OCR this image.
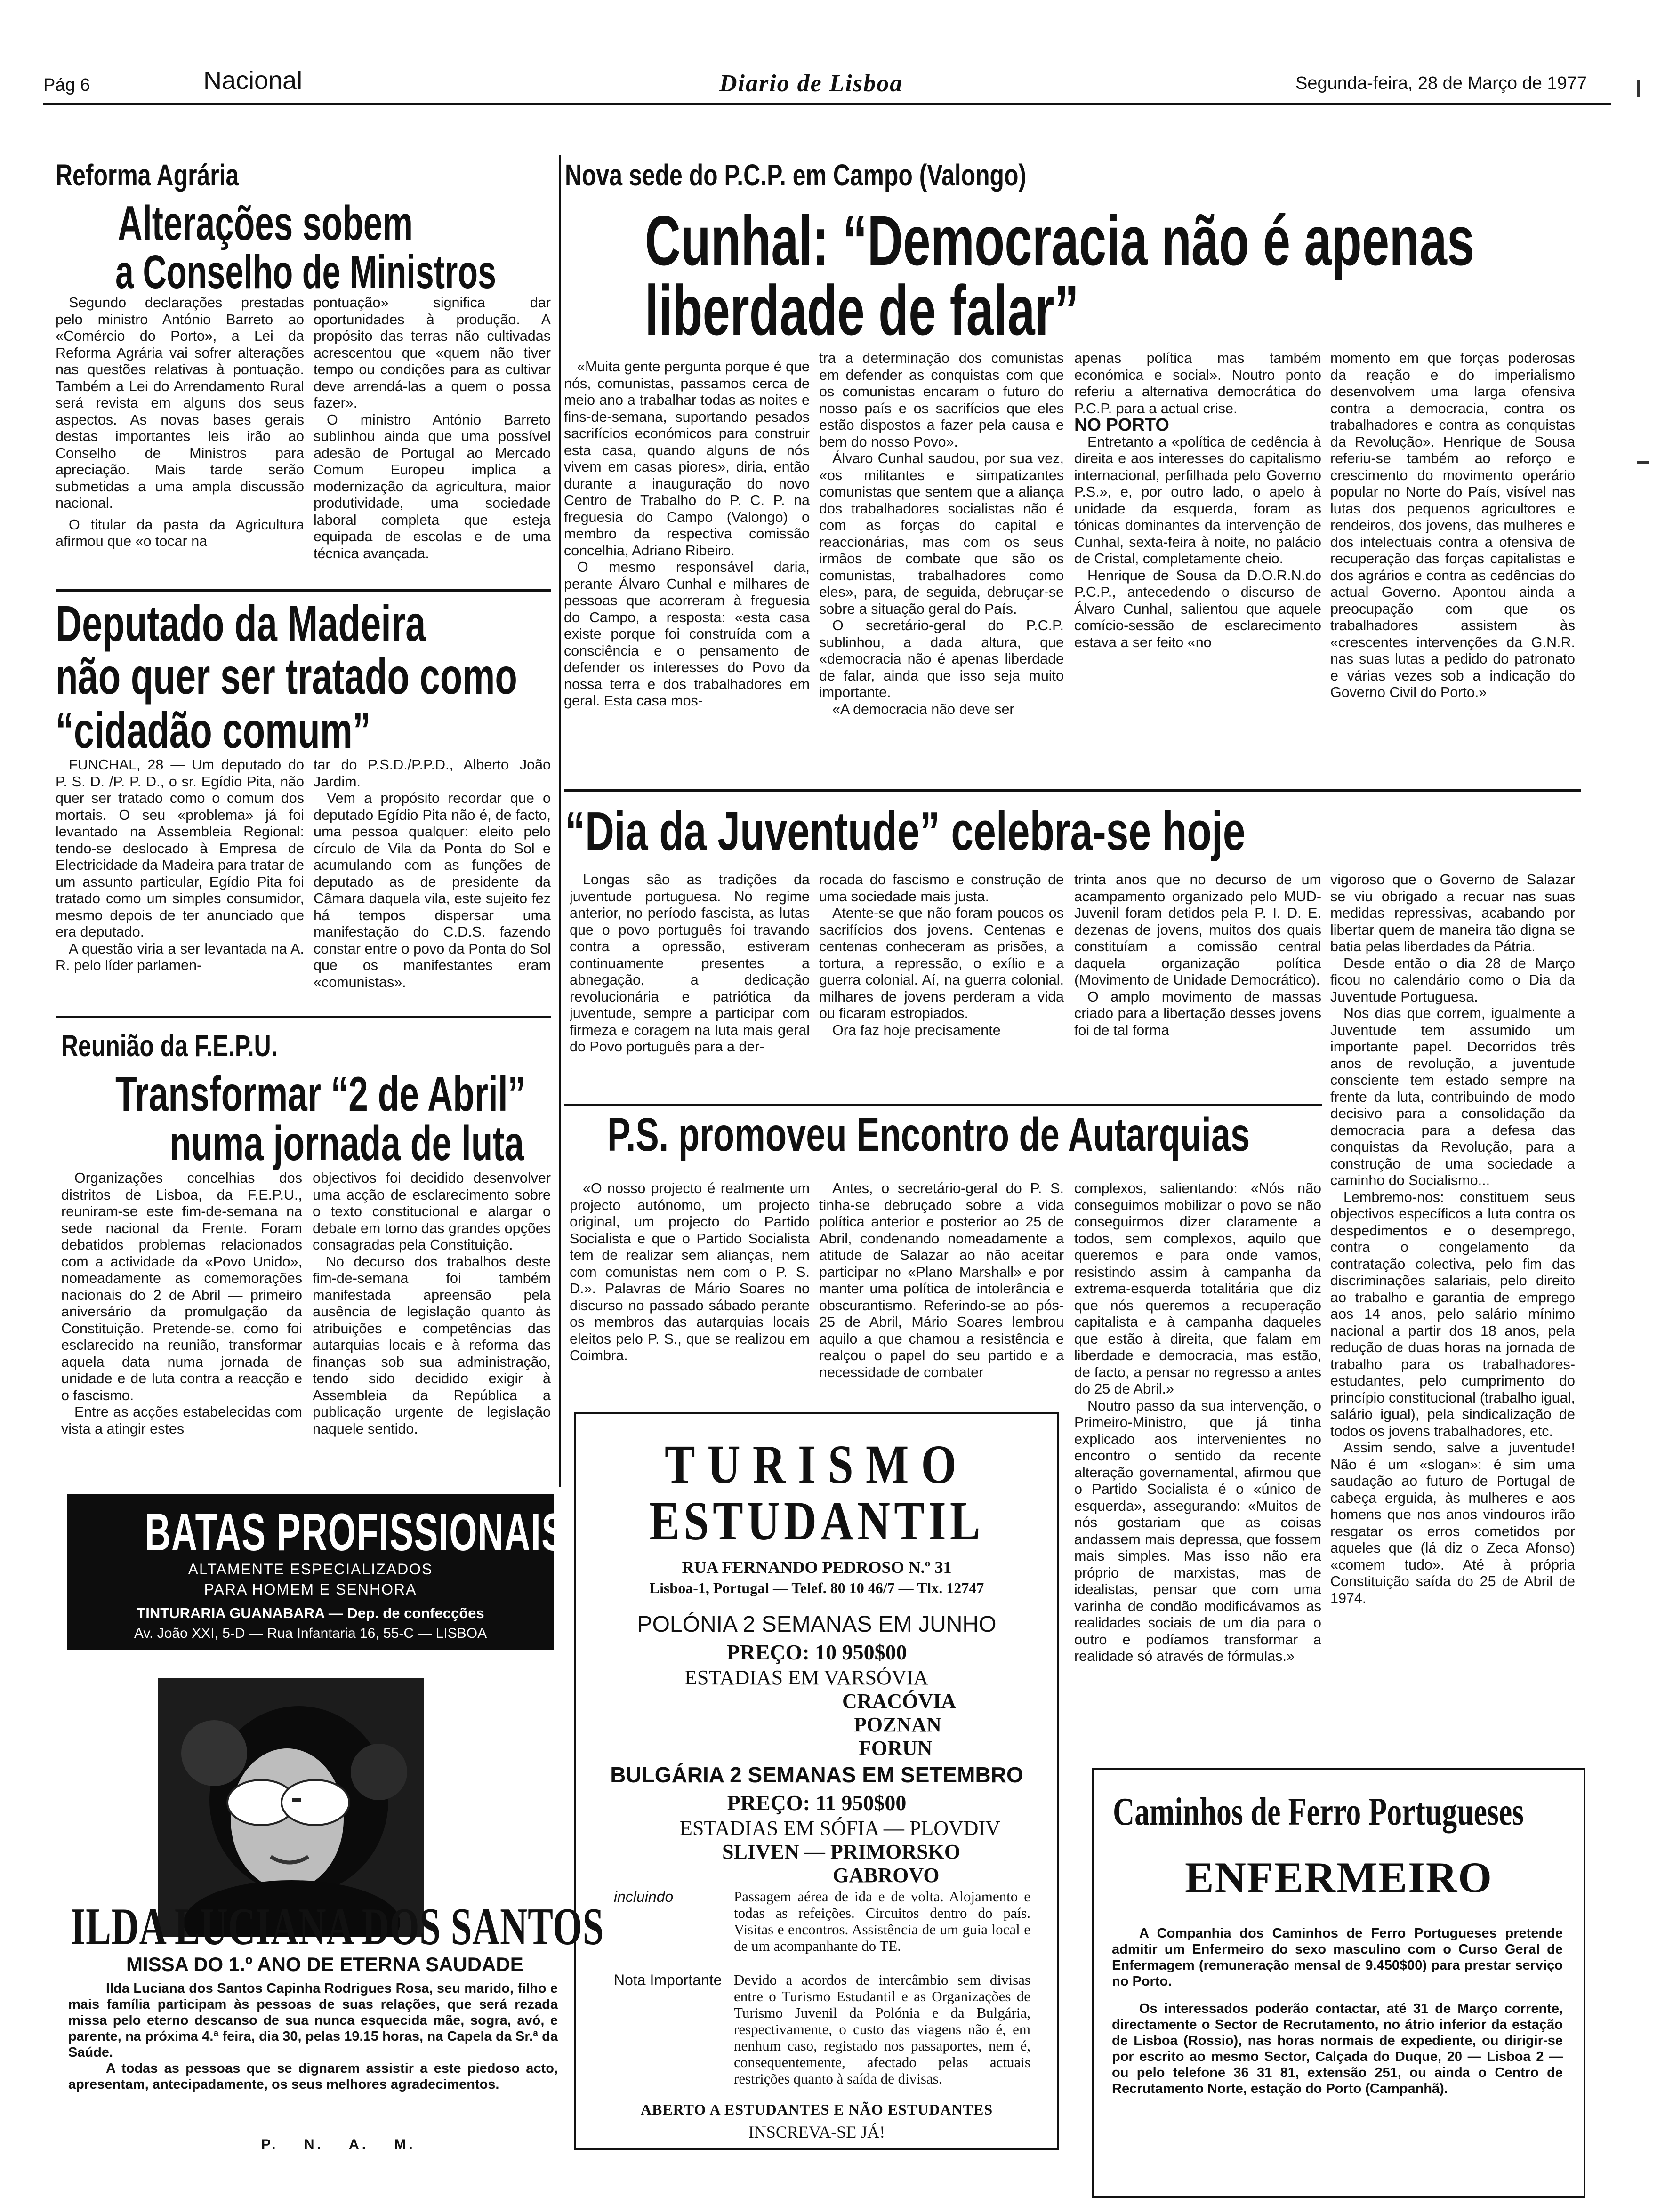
Pág 6	Nacional	Diario de Lisboa	Segunda-feira, 28 de Março de 1977
Reforma Agrária
Alterações sobem
a Conselho de Ministros

Segundo declarações prestadas pelo ministro António Barreto ao «Comércio do Porto», a Lei da Reforma Agrária vai sofrer alterações nas questões relativas à pontuação. Também a Lei do Arrendamento Rural será revista em alguns dos seus aspectos. As novas bases gerais destas importantes leis irão ao Conselho de Ministros para apreciação. Mais tarde serão submetidas a uma ampla discussão nacional.

O titular da pasta da Agricultura afirmou que «o tocar na

pontuação» significa dar oportunidades à produção. A propósito das terras não cultivadas acrescentou que «quem não tiver tempo ou condições para as cultivar deve arrendá-las a quem o possa fazer».

O ministro António Barreto sublinhou ainda que uma possível adesão de Portugal ao Mercado Comum Europeu implica a modernização da agricultura, maior produtividade, uma sociedade laboral completa que esteja equipada de escolas e de uma técnica avançada.

Deputado da Madeira
não quer ser tratado como
“cidadão comum”

FUNCHAL, 28 — Um deputado do P. S. D. /P. P. D., o sr. Egídio Pita, não quer ser tratado como o comum dos mortais. O seu «problema» já foi levantado na Assembleia Regional: tendo-se deslocado à Empresa de Electricidade da Madeira para tratar de um assunto particular, Egídio Pita foi tratado como um simples consumidor, mesmo depois de ter anunciado que era deputado.

A questão viria a ser levantada na A. R. pelo líder parlamen-

tar do P.S.D./P.P.D., Alberto João Jardim.

Vem a propósito recordar que o deputado Egídio Pita não é, de facto, uma pessoa qualquer: eleito pelo círculo de Vila da Ponta do Sol e acumulando com as funções de deputado as de presidente da Câmara daquela vila, este sujeito fez há tempos dispersar uma manifestação do C.D.S. fazendo constar entre o povo da Ponta do Sol que os manifestantes eram «comunistas».

Reunião da F.E.P.U.
Transformar “2 de Abril”
numa jornada de luta

Organizações concelhias dos distritos de Lisboa, da F.E.P.U., reuniram-se este fim-de-semana na sede nacional da Frente. Foram debatidos problemas relacionados com a actividade da «Povo Unido», nomeadamente as comemorações nacionais do 2 de Abril — primeiro aniversário da promulgação da Constituição. Pretende-se, como foi esclarecido na reunião, transformar aquela data numa jornada de unidade e de luta contra a reacção e o fascismo.

Entre as acções estabelecidas com vista a atingir estes

objectivos foi decidido desenvolver uma acção de esclarecimento sobre o texto constitucional e alargar o debate em torno das grandes opções consagradas pela Constituição.

No decurso dos trabalhos deste fim-de-semana foi também manifestada apreensão pela ausência de legislação quanto às atribuições e competências das autarquias locais e à reforma das finanças sob sua administração, tendo sido decidido exigir à Assembleia da República a publicação urgente de legislação naquele sentido.

BATAS PROFISSIONAIS
ALTAMENTE ESPECIALIZADOS
PARA HOMEM E SENHORA
TINTURARIA GUANABARA — Dep. de confecções
Av. João XXI, 5-D — Rua Infantaria 16, 55-C — LISBOA
ILDA LUCIANA DOS SANTOS
MISSA DO 1.º ANO DE ETERNA SAUDADE

Ilda Luciana dos Santos Capinha Rodrigues Rosa, seu marido, filho e mais família participam às pessoas de suas relações, que será rezada missa pelo eterno descanso de sua nunca esquecida mãe, sogra, avó, e parente, na próxima 4.ª feira, dia 30, pelas 19.15 horas, na Capela da Sr.ª da Saúde.

A todas as pessoas que se dignarem assistir a este piedoso acto, apresentam, antecipadamente, os seus melhores agradecimentos.

P. N. A. M.
Nova sede do P.C.P. em Campo (Valongo)
Cunhal: “Democracia não é apenas
liberdade de falar”

«Muita gente pergunta porque é que nós, comunistas, passamos cerca de meio ano a trabalhar todas as noites e fins-de-semana, suportando pesados sacrifícios económicos para construir esta casa, quando alguns de nós vivem em casas piores», diria, então durante a inauguração do novo Centro de Trabalho do P. C. P. na freguesia do Campo (Valongo) o membro da respectiva comissão concelhia, Adriano Ribeiro.

O mesmo responsável daria, perante Álvaro Cunhal e milhares de pessoas que acorreram à freguesia do Campo, a resposta: «esta casa existe porque foi construída com a consciência e o pensamento de defender os interesses do Povo da nossa terra e dos trabalhadores em geral. Esta casa mos-

tra a determinação dos comunistas em defender as conquistas com que os comunistas encaram o futuro do nosso país e os sacrifícios que eles estão dispostos a fazer pela causa e bem do nosso Povo».

Álvaro Cunhal saudou, por sua vez, «os militantes e simpatizantes comunistas que sentem que a aliança dos trabalhadores socialistas não é com as forças do capital e reaccionárias, mas com os seus irmãos de combate que são os comunistas, trabalhadores como eles», para, de seguida, debruçar-se sobre a situação geral do País.

O secretário-geral do P.C.P. sublinhou, a dada altura, que «democracia não é apenas liberdade de falar, ainda que isso seja muito importante.

«A democracia não deve ser

apenas política mas também económica e social». Noutro ponto referiu a alternativa democrática do P.C.P. para a actual crise.

NO PORTO

Entretanto a «política de cedência à direita e aos interesses do capitalismo internacional, perfilhada pelo Governo P.S.», e, por outro lado, o apelo à unidade da esquerda, foram as tónicas dominantes da intervenção de Cunhal, sexta-feira à noite, no palácio de Cristal, completamente cheio.

Henrique de Sousa da D.O.R.N.do P.C.P., antecedendo o discurso de Álvaro Cunhal, salientou que aquele comício-sessão de esclarecimento estava a ser feito «no

momento em que forças poderosas da reação e do imperialismo desenvolvem uma larga ofensiva contra a democracia, contra os trabalhadores e contra as conquistas da Revolução». Henrique de Sousa referiu-se também ao reforço e crescimento do movimento operário popular no Norte do País, visível nas lutas dos pequenos agricultores e rendeiros, dos jovens, das mulheres e dos intelectuais contra a ofensiva de recuperação das forças capitalistas e dos agrários e contra as cedências do actual Governo. Apontou ainda a preocupação com que os trabalhadores assistem às «crescentes intervenções da G.N.R. nas suas lutas a pedido do patronato e várias vezes sob a indicação do Governo Civil do Porto.»

“Dia da Juventude” celebra-se hoje

Longas são as tradições da juventude portuguesa. No regime anterior, no período fascista, as lutas que o povo português foi travando contra a opressão, estiveram continuamente presentes a abnegação, a dedicação revolucionária e patriótica da juventude, sempre a participar com firmeza e coragem na luta mais geral do Povo português para a der-

rocada do fascismo e construção de uma sociedade mais justa.

Atente-se que não foram poucos os sacrifícios dos jovens. Centenas e centenas conheceram as prisões, a tortura, a repressão, o exílio e a guerra colonial. Aí, na guerra colonial, milhares de jovens perderam a vida ou ficaram estropiados.

Ora faz hoje precisamente

trinta anos que no decurso de um acampamento organizado pelo MUD-Juvenil foram detidos pela P. I. D. E. dezenas de jovens, muitos dos quais constituíam a comissão central daquela organização política (Movimento de Unidade Democrático).

O amplo movimento de massas criado para a libertação desses jovens foi de tal forma

vigoroso que o Governo de Salazar se viu obrigado a recuar nas suas medidas repressivas, acabando por libertar quem de maneira tão digna se batia pelas liberdades da Pátria.

Desde então o dia 28 de Março ficou no calendário como o Dia da Juventude Portuguesa.

Nos dias que correm, igualmente a Juventude tem assumido um importante papel. Decorridos três anos de revolução, a juventude consciente tem estado sempre na frente da luta, contribuindo de modo decisivo para a consolidação da democracia para a defesa das conquistas da Revolução, para a construção de uma sociedade a caminho do Socialismo...

Lembremo-nos: constituem seus objectivos específicos a luta contra os despedimentos e o desemprego, contra o congelamento da contratação colectiva, pelo fim das discriminações salariais, pelo direito ao trabalho e garantia de emprego aos 14 anos, pelo salário mínimo nacional a partir dos 18 anos, pela redução de duas horas na jornada de trabalho para os trabalhadores-estudantes, pelo cumprimento do princípio constitucional (trabalho igual, salário igual), pela sindicalização de todos os jovens trabalhadores, etc.

Assim sendo, salve a juventude! Não é um «slogan»: é sim uma saudação ao futuro de Portugal de cabeça erguida, às mulheres e aos homens que nos anos vindouros irão resgatar os erros cometidos por aqueles que (lá diz o Zeca Afonso) «comem tudo». Até à própria Constituição saída do 25 de Abril de 1974.

P.S. promoveu Encontro de Autarquias

«O nosso projecto é realmente um projecto autónomo, um projecto original, um projecto do Partido Socialista e que o Partido Socialista tem de realizar sem alianças, nem com comunistas nem com o P. S. D.». Palavras de Mário Soares no discurso no passado sábado perante os membros das autarquias locais eleitos pelo P. S., que se realizou em Coimbra.

Antes, o secretário-geral do P. S. tinha-se debruçado sobre a vida política anterior e posterior ao 25 de Abril, condenando nomeadamente a atitude de Salazar ao não aceitar participar no «Plano Marshall» e por manter uma política de intolerância e obscurantismo. Referindo-se ao pós-25 de Abril, Mário Soares lembrou aquilo a que chamou a resistência e realçou o papel do seu partido e a necessidade de combater

complexos, salientando: «Nós não conseguimos mobilizar o povo se não conseguirmos dizer claramente a todos, sem complexos, aquilo que queremos e para onde vamos, resistindo assim à campanha da extrema-esquerda totalitária que diz que nós queremos a recuperação capitalista e à campanha daqueles que estão à direita, que falam em liberdade e democracia, mas estão, de facto, a pensar no regresso a antes do 25 de Abril.»

Noutro passo da sua intervenção, o Primeiro-Ministro, que já tinha explicado aos intervenientes no encontro o sentido da recente alteração governamental, afirmou que o Partido Socialista é o «único de esquerda», assegurando: «Muitos de nós gostariam que as coisas andassem mais depressa, que fossem mais simples. Mas isso não era próprio de marxistas, mas de idealistas, pensar que com uma varinha de condão modificávamos as realidades sociais de um dia para o outro e podíamos transformar a realidade só através de fórmulas.»

TURISMO
ESTUDANTIL
RUA FERNANDO PEDROSO N.º 31
Lisboa-1, Portugal — Telef. 80 10 46/7 — Tlx. 12747
POLÓNIA 2 SEMANAS EM JUNHO
PREÇO: 10 950$00
ESTADIAS EM VARSÓVIA
CRACÓVIA
POZNAN
FORUN
BULGÁRIA 2 SEMANAS EM SETEMBRO
PREÇO: 11 950$00
ESTADIAS EM SÓFIA — PLOVDIV
SLIVEN — PRIMORSKO
GABROVO
incluindo	Passagem aérea de ida e de volta. Alojamento e todas as refeições. Circuitos dentro do país. Visitas e encontros. Assistência de um guia local e de um acompanhante do TE.
Nota Importante Devido a acordos de intercâmbio sem divisas entre o Turismo Estudantil e as Organizações de Turismo Juvenil da Polónia e da Bulgária, respectivamente, o custo das viagens não é, em nenhum caso, registado nos passaportes, nem é, consequentemente, afectado pelas actuais restrições quanto à saída de divisas.
ABERTO A ESTUDANTES E NÃO ESTUDANTES
INSCREVA-SE JÁ!
Caminhos de Ferro Portugueses
ENFERMEIRO

A Companhia dos Caminhos de Ferro Portugueses pretende admitir um Enfermeiro do sexo masculino com o Curso Geral de Enfermagem (remuneração mensal de 9.450$00) para prestar serviço no Porto.

Os interessados poderão contactar, até 31 de Março corrente, directamente o Sector de Recrutamento, no átrio inferior da estação de Lisboa (Rossio), nas horas normais de expediente, ou dirigir-se por escrito ao mesmo Sector, Calçada do Duque, 20 — Lisboa 2 — ou pelo telefone 36 31 81, extensão 251, ou ainda o Centro de Recrutamento Norte, estação do Porto (Campanhã).
